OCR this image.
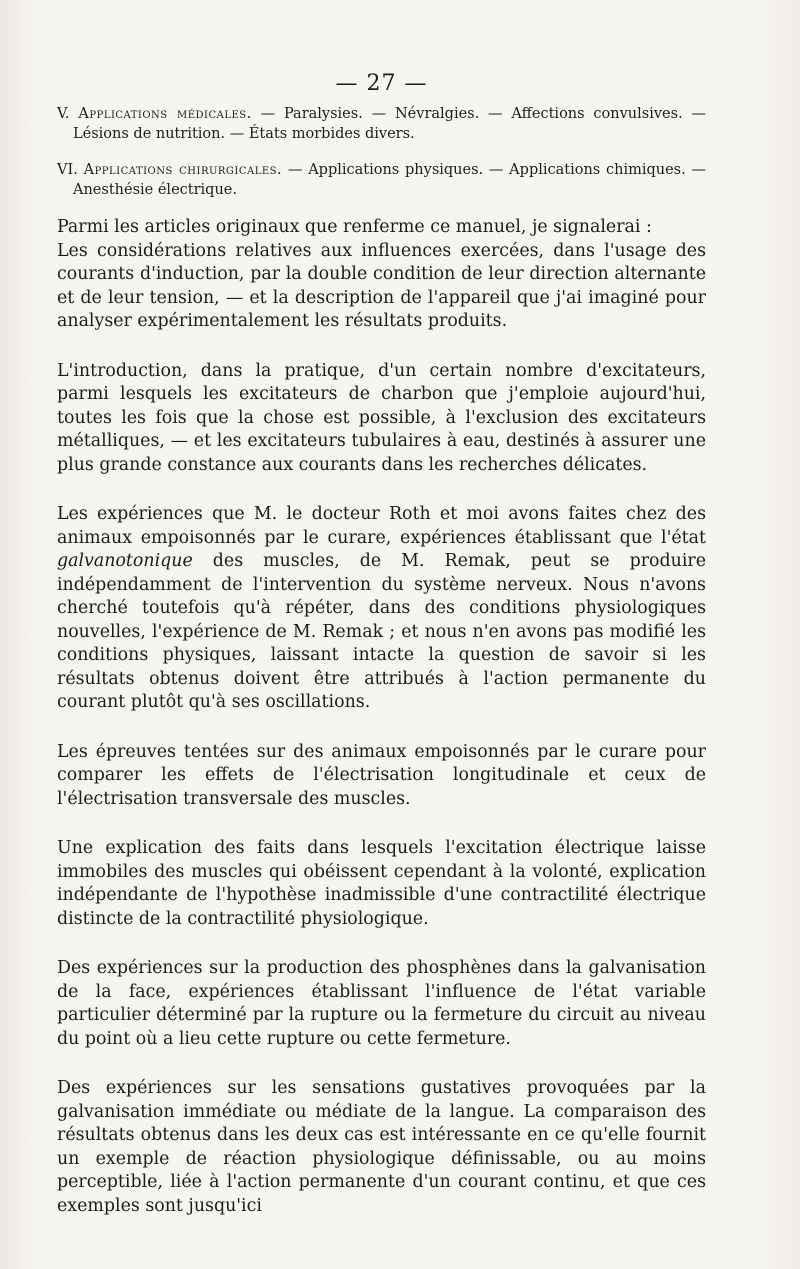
— 27 —
V. Applications médicales. — Paralysies. — Névralgies. — Affections convulsives. — Lésions de nutrition. — États morbides divers.
VI. Applications chirurgicales. — Applications physiques. — Applications chimiques. — Anesthésie électrique.

Parmi les articles originaux que renferme ce manuel, je signalerai :

Les considérations relatives aux influences exercées, dans l'usage des courants d'induction, par la double condition de leur direction alternante et de leur tension, — et la description de l'appareil que j'ai imaginé pour analyser expérimentalement les résultats produits.

L'introduction, dans la pratique, d'un certain nombre d'excitateurs, parmi lesquels les excitateurs de charbon que j'emploie aujourd'hui, toutes les fois que la chose est possible, à l'exclusion des excitateurs métalliques, — et les excitateurs tubulaires à eau, destinés à assurer une plus grande constance aux courants dans les recherches délicates.

Les expériences que M. le docteur Roth et moi avons faites chez des animaux empoisonnés par le curare, expériences établissant que l'état galvanotonique des muscles, de M. Remak, peut se produire indépendamment de l'intervention du système nerveux. Nous n'avons cherché toutefois qu'à répéter, dans des conditions physiologiques nouvelles, l'expérience de M. Remak ; et nous n'en avons pas modifié les conditions physiques, laissant intacte la question de savoir si les résultats obtenus doivent être attribués à l'action permanente du courant plutôt qu'à ses oscillations.

Les épreuves tentées sur des animaux empoisonnés par le curare pour comparer les effets de l'électrisation longitudinale et ceux de l'électrisation transversale des muscles.

Une explication des faits dans lesquels l'excitation électrique laisse immobiles des muscles qui obéissent cependant à la volonté, explication indépendante de l'hypothèse inadmissible d'une contractilité électrique distincte de la contractilité physiologique.

Des expériences sur la production des phosphènes dans la galvanisation de la face, expériences établissant l'influence de l'état variable particulier déterminé par la rupture ou la fermeture du circuit au niveau du point où a lieu cette rupture ou cette fermeture.

Des expériences sur les sensations gustatives provoquées par la galvanisation immédiate ou médiate de la langue. La comparaison des résultats obtenus dans les deux cas est intéressante en ce qu'elle fournit un exemple de réaction physiologique définissable, ou au moins perceptible, liée à l'action permanente d'un courant continu, et que ces exemples sont jusqu'ici
